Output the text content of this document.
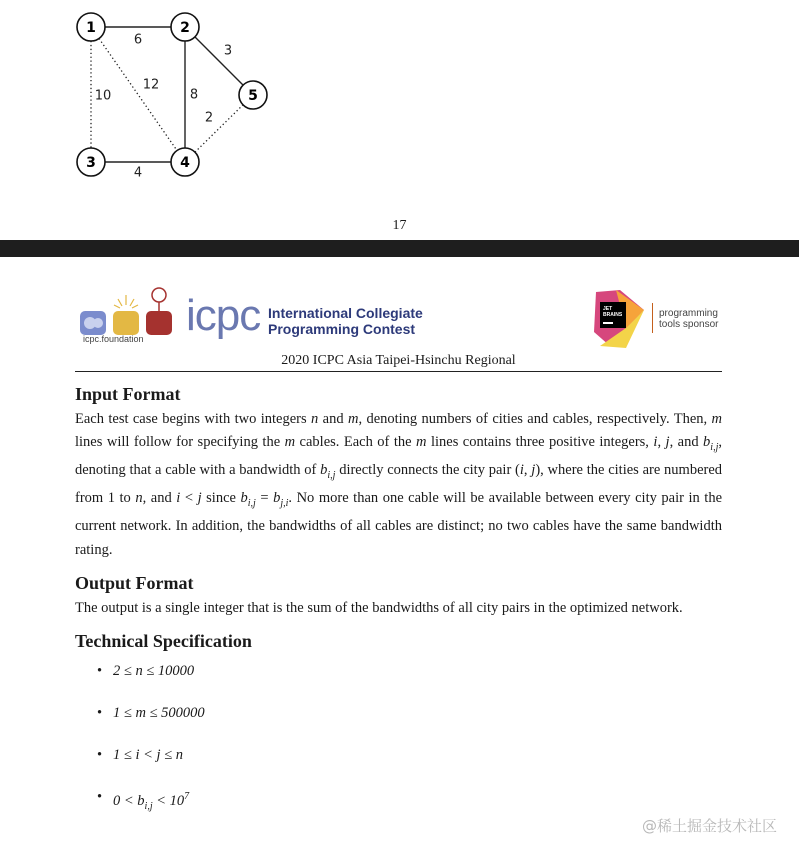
6
3
8
4
10
12
2
1	2
3	4
5
17
icpc.foundation icpc International Collegiate
Programming Contest
JET
BRAINS	programming
tools sponsor
2020 ICPC Asia Taipei-Hsinchu Regional
Input Format

Each test case begins with two integers n and m, denoting numbers of cities and cables, respectively. Then, m lines will follow for specifying the m cables. Each of the m lines contains three positive integers, i, j, and $b_{i,j}$, denoting that a cable with a bandwidth of $b_{i,j}$ directly connects the city pair (i, j), where the cities are numbered from 1 to n, and i < j since $b_{i,j} = b_{j,i}$. No more than one cable will be available between every city pair in the current network. In addition, the bandwidths of all cables are distinct; no two cables have the same bandwidth rating.

Output Format

The output is a single integer that is the sum of the bandwidths of all city pairs in the optimized network.

Technical Specification
• 2 ≤ n ≤ 10000
• 1 ≤ m ≤ 500000
• 1 ≤ i < j ≤ n
• $0 < b_{i,j} < 10^7$
@稀土掘金技术社区
